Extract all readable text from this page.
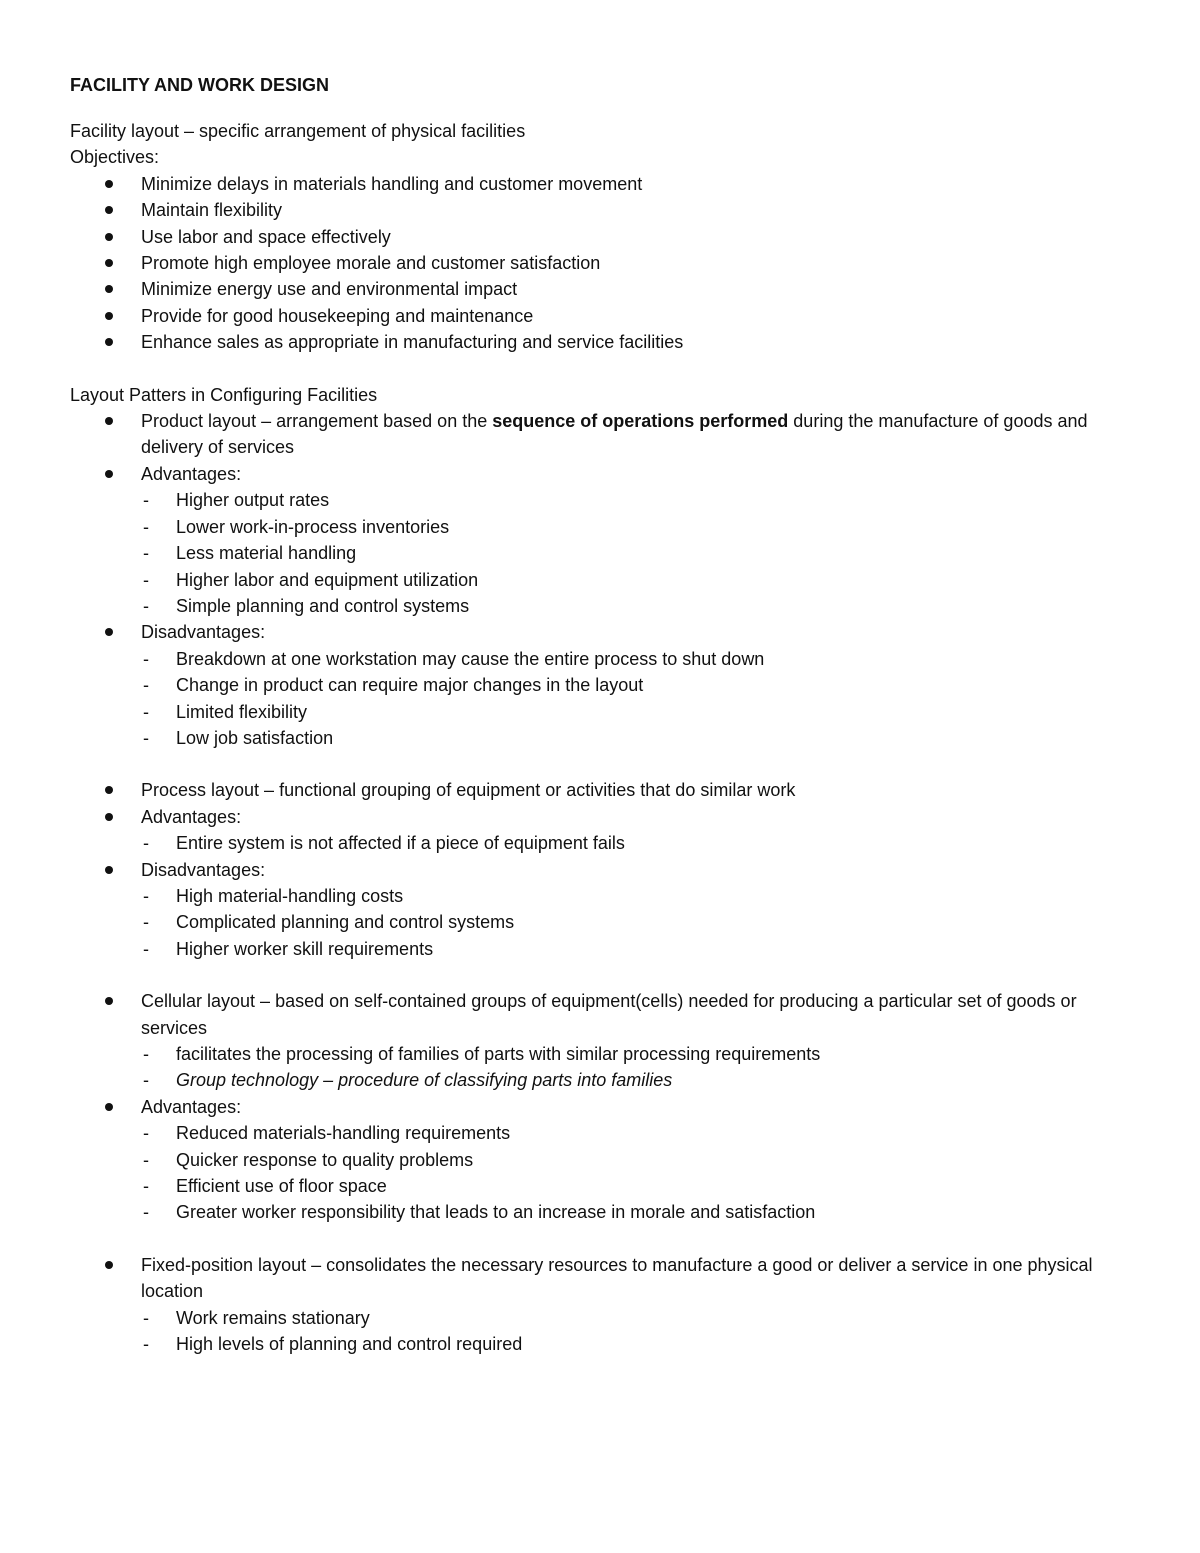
FACILITY AND WORK DESIGN

Facility layout – specific arrangement of physical facilities

Objectives:

Minimize delays in materials handling and customer movement
Maintain flexibility
Use labor and space effectively
Promote high employee morale and customer satisfaction
Minimize energy use and environmental impact
Provide for good housekeeping and maintenance
Enhance sales as appropriate in manufacturing and service facilities

Layout Patters in Configuring Facilities

Product layout – arrangement based on the sequence of operations performed during the manufacture of goods and delivery of services
Advantages:
- Higher output rates
- Lower work-in-process inventories
- Less material handling
- Higher labor and equipment utilization
- Simple planning and control systems
Disadvantages:
- Breakdown at one workstation may cause the entire process to shut down
- Change in product can require major changes in the layout
- Limited flexibility
- Low job satisfaction
Process layout – functional grouping of equipment or activities that do similar work
Advantages:
- Entire system is not affected if a piece of equipment fails
Disadvantages:
- High material-handling costs
- Complicated planning and control systems
- Higher worker skill requirements
Cellular layout – based on self-contained groups of equipment(cells) needed for producing a particular set of goods or services
- facilitates the processing of families of parts with similar processing requirements
- Group technology – procedure of classifying parts into families
Advantages:
- Reduced materials-handling requirements
- Quicker response to quality problems
- Efficient use of floor space
- Greater worker responsibility that leads to an increase in morale and satisfaction
Fixed-position layout – consolidates the necessary resources to manufacture a good or deliver a service in one physical location
- Work remains stationary
- High levels of planning and control required
